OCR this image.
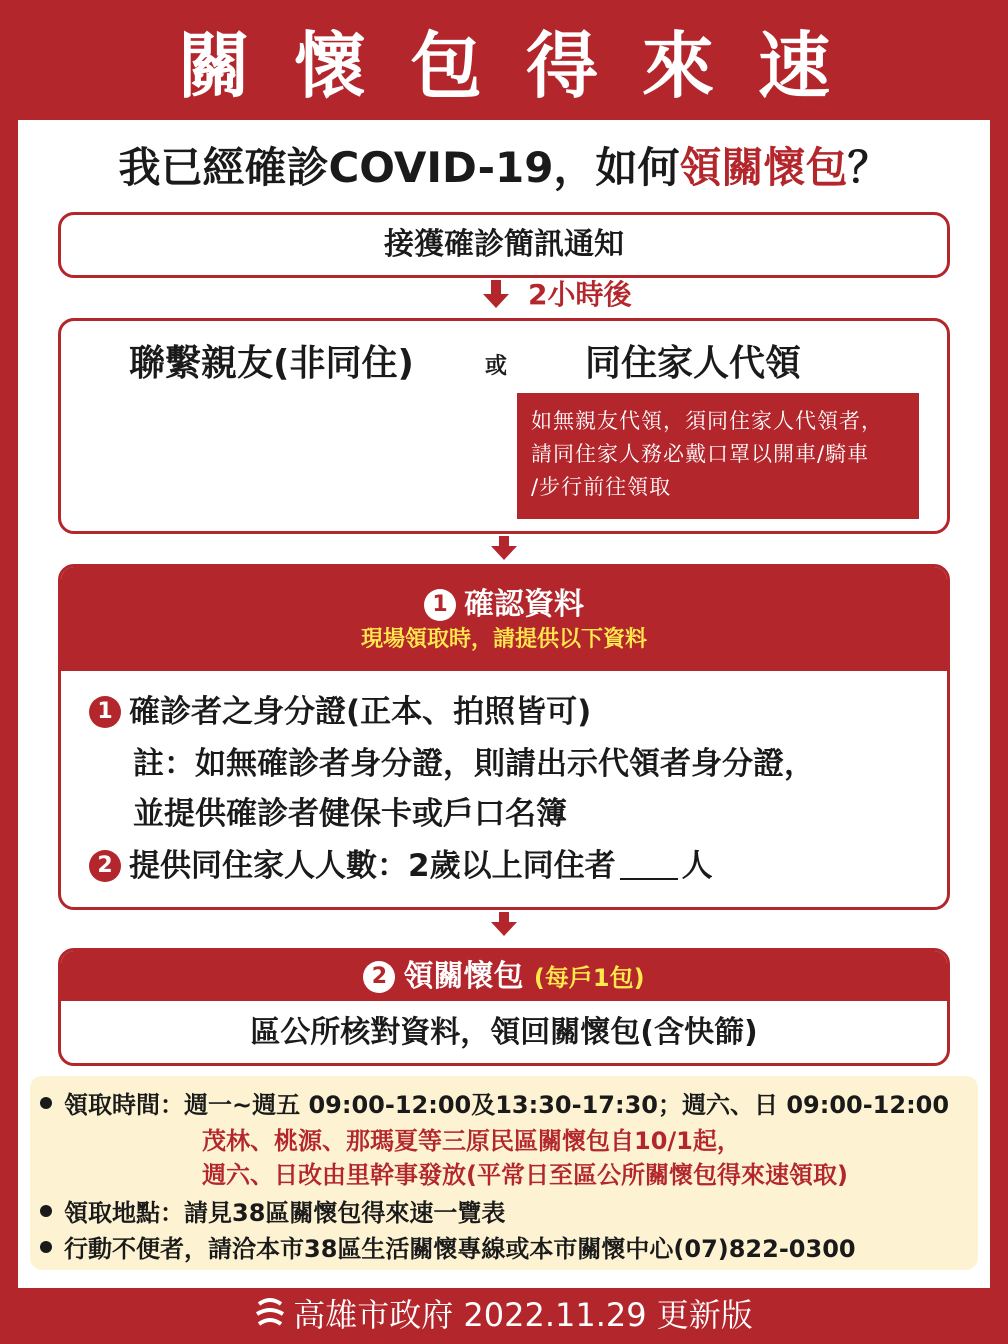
關懷包得來速
我已經確診COVID-19，如何領關懷包？
接獲確診簡訊通知
2小時後
聯繫親友(非同住)	或 同住家人代領
如無親友代領，須同住家人代領者，
請同住家人務必戴口罩以開車/騎車
/步行前往領取
1 確認資料
現場領取時，請提供以下資料
1 確診者之身分證(正本、拍照皆可)
註：如無確診者身分證，則請出示代領者身分證，
並提供確診者健保卡或戶口名簿
2 提供同住家人人數：2歲以上同住者 人
2 領關懷包 (每戶1包)
區公所核對資料，領回關懷包(含快篩)
領取時間：週一~週五 09:00-12:00及13:30-17:30；週六、日 09:00-12:00
茂林、桃源、那瑪夏等三原民區關懷包自10/1起，
週六、日改由里幹事發放(平常日至區公所關懷包得來速領取)
領取地點：請見38區關懷包得來速一覽表
行動不便者，請洽本市38區生活關懷專線或本市關懷中心(07)822-0300
高雄市政府 2022.11.29 更新版
